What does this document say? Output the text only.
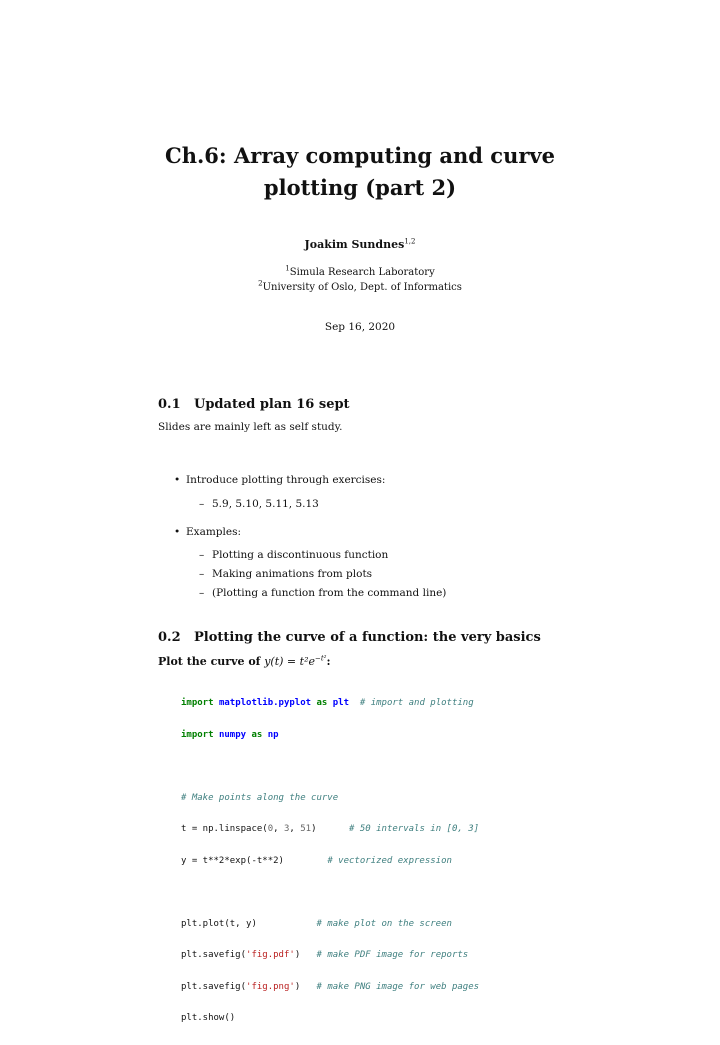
Ch.6: Array computing and curve
plotting (part 2)
Joakim Sundnes$^{1,2}$
$^1$Simula Research Laboratory
$^2$University of Oslo, Dept. of Informatics
Sep 16, 2020
0.1 Updated plan 16 sept
Slides are mainly left as self study.
• Introduce plotting through exercises:
– 5.9, 5.10, 5.11, 5.13
• Examples:
– Plotting a discontinuous function
– Making animations from plots
– (Plotting a function from the command line)
0.2 Plotting the curve of a function: the very basics
Plot the curve of $y(t) = t^2e^{-t^2}$:

import matplotlib.pyplot as plt # import and plotting

import numpy as np

# Make points along the curve

t = np.linspace(0, 3, 51)	# 50 intervals in [0, 3]

y = t**2*exp(-t**2)	# vectorized expression

plt.plot(t, y)	# make plot on the screen

plt.savefig('fig.pdf') # make PDF image for reports

plt.savefig('fig.png') # make PNG image for web pages

plt.show()
